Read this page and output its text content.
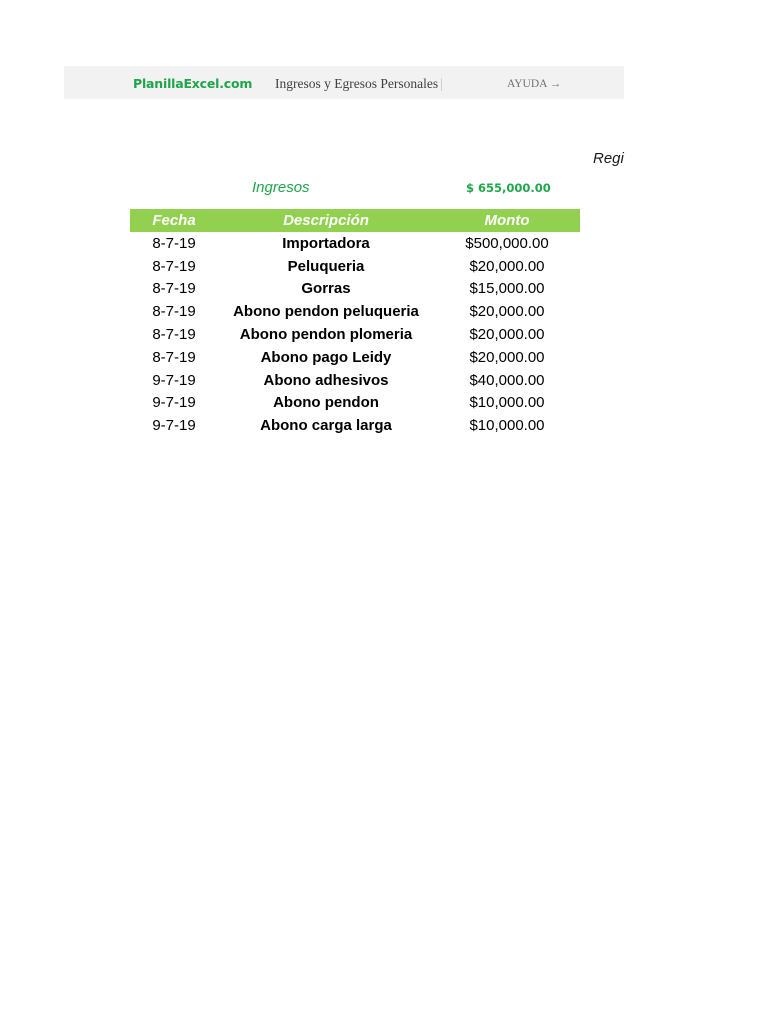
PlanillaExcel.com Ingresos y Egresos Personales |	AYUDA →
Regi
Ingresos	$ 655,000.00
Fecha	Descripción	Monto
8-7-19	Importadora	$500,000.00
8-7-19	Peluqueria	$20,000.00
8-7-19	Gorras	$15,000.00
8-7-19	Abono pendon peluqueria	$20,000.00
8-7-19	Abono pendon plomeria	$20,000.00
8-7-19	Abono pago Leidy	$20,000.00
9-7-19	Abono adhesivos	$40,000.00
9-7-19	Abono pendon	$10,000.00
9-7-19	Abono carga larga	$10,000.00
